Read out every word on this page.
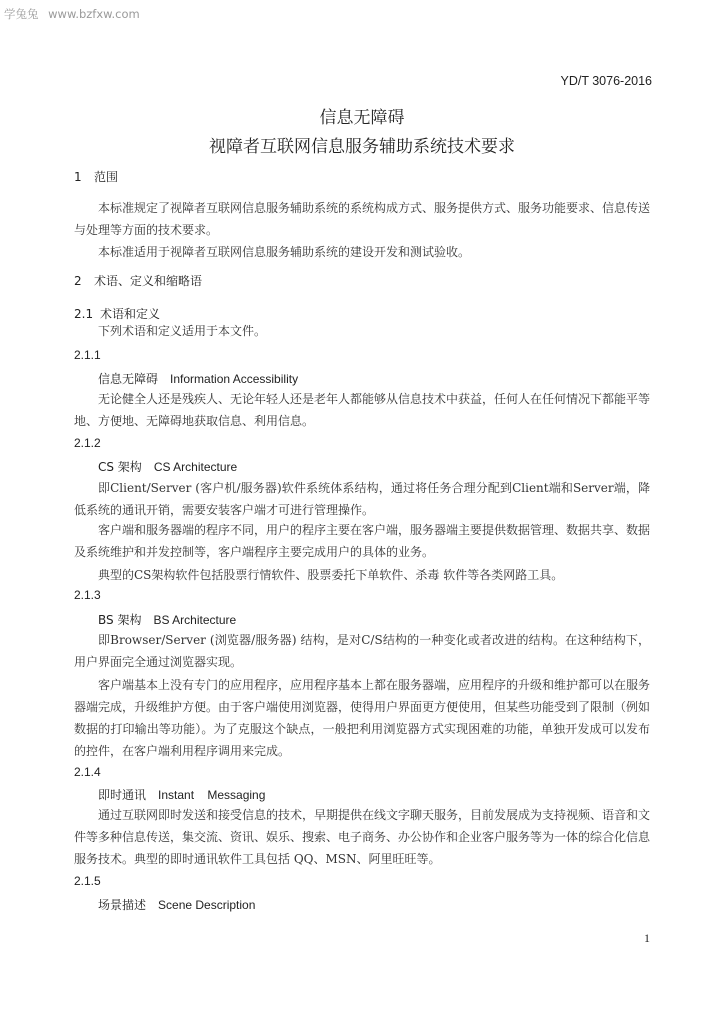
学兔兔 www.bzfxw.com
YD/T 3076-2016
信息无障碍
视障者互联网信息服务辅助系统技术要求
1 范围
本标准规定了视障者互联网信息服务辅助系统的系统构成方式、服务提供方式、服务功能要求、信息传送与处理等方面的技术要求。
本标准适用于视障者互联网信息服务辅助系统的建设开发和测试验收。
2 术语、定义和缩略语
2.1 术语和定义
下列术语和定义适用于本文件。
2.1.1
信息无障碍 Information Accessibility
无论健全人还是残疾人、无论年轻人还是老年人都能够从信息技术中获益，任何人在任何情况下都能平等地、方便地、无障碍地获取信息、利用信息。
2.1.2
CS 架构 CS Architecture
即Client/Server (客户机/服务器)软件系统体系结构，通过将任务合理分配到Client端和Server端，降低系统的通讯开销，需要安装客户端才可进行管理操作。
客户端和服务器端的程序不同，用户的程序主要在客户端，服务器端主要提供数据管理、数据共享、数据及系统维护和并发控制等，客户端程序主要完成用户的具体的业务。
典型的CS架构软件包括股票行情软件、股票委托下单软件、杀毒 软件等各类网路工具。
2.1.3
BS 架构 BS Architecture
即Browser/Server (浏览器/服务器) 结构，是对C/S结构的一种变化或者改进的结构。在这种结构下，用户界面完全通过浏览器实现。
客户端基本上没有专门的应用程序，应用程序基本上都在服务器端，应用程序的升级和维护都可以在服务器端完成，升级维护方便。由于客户端使用浏览器，使得用户界面更方便使用，但某些功能受到了限制（例如数据的打印输出等功能）。为了克服这个缺点，一般把利用浏览器方式实现困难的功能，单独开发成可以发布的控件，在客户端利用程序调用来完成。
2.1.4
即时通讯 Instant    Messaging
通过互联网即时发送和接受信息的技术，早期提供在线文字聊天服务，目前发展成为支持视频、语音和文件等多种信息传送，集交流、资讯、娱乐、搜索、电子商务、办公协作和企业客户服务等为一体的综合化信息服务技术。典型的即时通讯软件工具包括 QQ、MSN、阿里旺旺等。
2.1.5
场景描述 Scene Description
1
